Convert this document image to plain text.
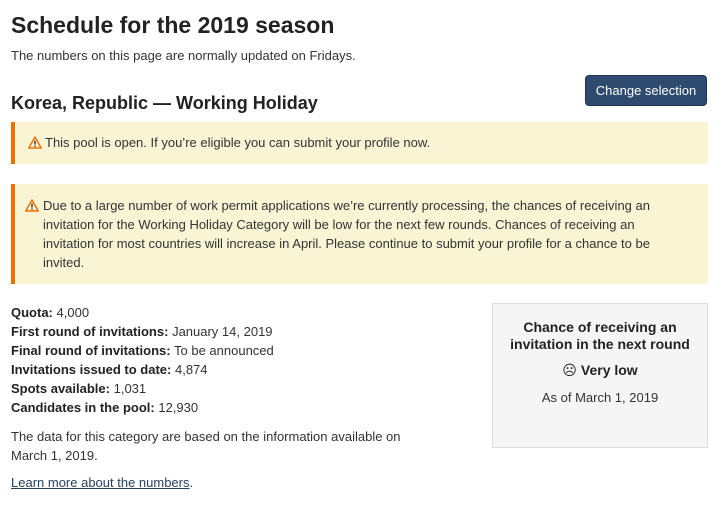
Schedule for the 2019 season

The numbers on this page are normally updated on Fridays.

Korea, Republic — Working Holiday
Change selection
This pool is open. If you’re eligible you can submit your profile now.
Due to a large number of work permit applications we’re currently processing, the chances of receiving an invitation for the Working Holiday Category will be low for the next few rounds. Chances of receiving an invitation for most countries will increase in April. Please continue to submit your profile for a chance to be invited.
Quota: 4,000
First round of invitations: January 14, 2019
Final round of invitations: To be announced
Invitations issued to date: 4,874
Spots available: 1,031
Candidates in the pool: 12,930

The data for this category are based on the information available on March 1, 2019.

Learn more about the numbers.

Chance of receiving an invitation in the next round
☹ Very low
As of March 1, 2019
